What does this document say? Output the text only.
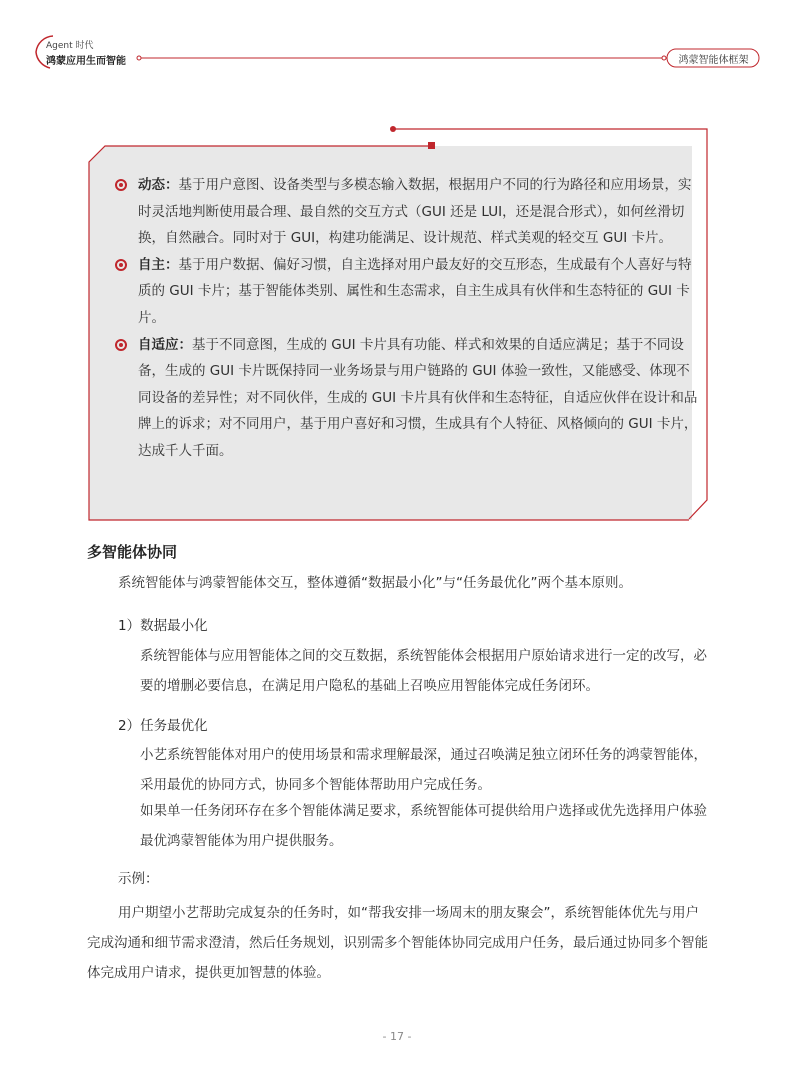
Agent 时代
鸿蒙应用生而智能	鸿蒙智能体框架
动态：基于用户意图、设备类型与多模态输入数据，根据用户不同的行为路径和应用场景，实时灵活地判断使用最合理、最自然的交互方式（GUI 还是 LUI，还是混合形式），如何丝滑切换，自然融合。同时对于 GUI，构建功能满足、设计规范、样式美观的轻交互 GUI 卡片。
自主：基于用户数据、偏好习惯，自主选择对用户最友好的交互形态，生成最有个人喜好与特质的 GUI 卡片；基于智能体类别、属性和生态需求，自主生成具有伙伴和生态特征的 GUI 卡片。
自适应：基于不同意图，生成的 GUI 卡片具有功能、样式和效果的自适应满足；基于不同设备，生成的 GUI 卡片既保持同一业务场景与用户链路的 GUI 体验一致性，又能感受、体现不同设备的差异性；对不同伙伴，生成的 GUI 卡片具有伙伴和生态特征，自适应伙伴在设计和品牌上的诉求；对不同用户，基于用户喜好和习惯，生成具有个人特征、风格倾向的 GUI 卡片，达成千人千面。
多智能体协同
系统智能体与鸿蒙智能体交互，整体遵循“数据最小化”与“任务最优化”两个基本原则。
1）数据最小化
系统智能体与应用智能体之间的交互数据，系统智能体会根据用户原始请求进行一定的改写，必要的增删必要信息，在满足用户隐私的基础上召唤应用智能体完成任务闭环。
2）任务最优化
小艺系统智能体对用户的使用场景和需求理解最深，通过召唤满足独立闭环任务的鸿蒙智能体，采用最优的协同方式，协同多个智能体帮助用户完成任务。
如果单一任务闭环存在多个智能体满足要求，系统智能体可提供给用户选择或优先选择用户体验最优鸿蒙智能体为用户提供服务。
示例：
用户期望小艺帮助完成复杂的任务时，如“帮我安排一场周末的朋友聚会”，系统智能体优先与用户完成沟通和细节需求澄清，然后任务规划，识别需多个智能体协同完成用户任务，最后通过协同多个智能体完成用户请求，提供更加智慧的体验。
- 17 -
